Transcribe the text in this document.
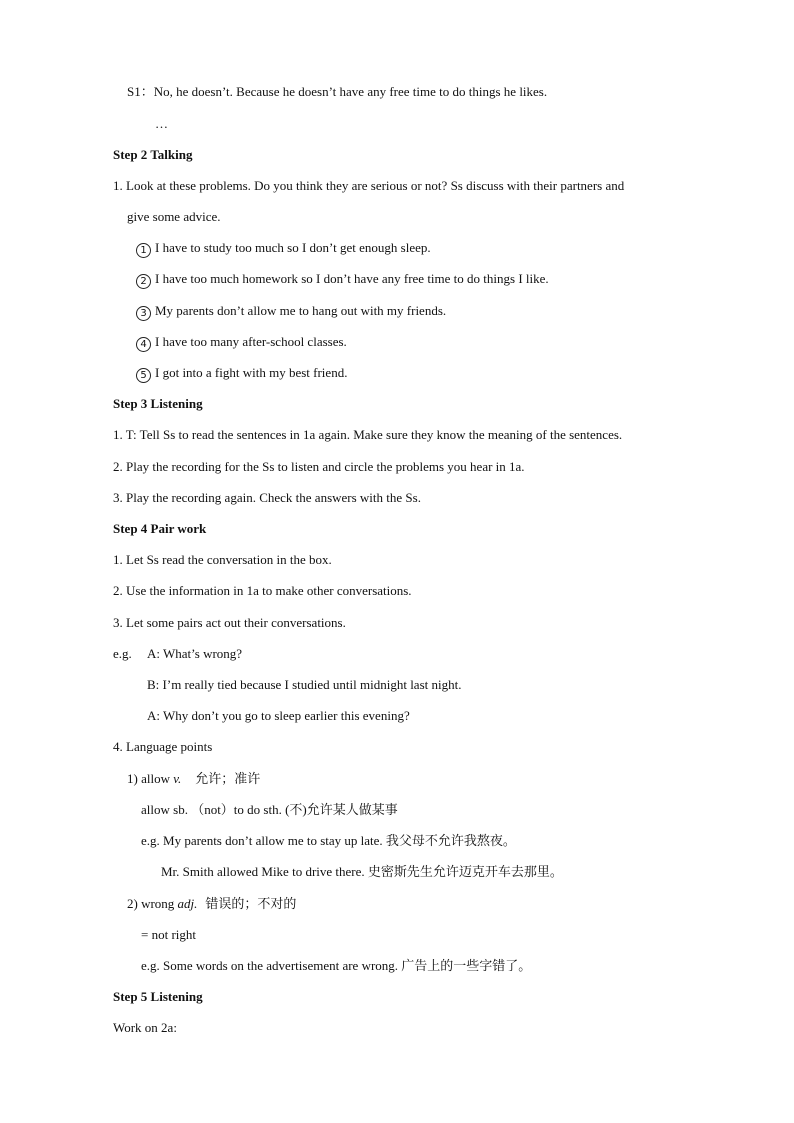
S1：No, he doesn’t. Because he doesn’t have any free time to do things he likes.
…
Step 2 Talking
1. Look at these problems. Do you think they are serious or not? Ss discuss with their partners and
give some advice.
1 I have to study too much so I don’t get enough sleep.
2 I have too much homework so I don’t have any free time to do things I like.
3 My parents don’t allow me to hang out with my friends.
4 I have too many after-school classes.
5 I got into a fight with my best friend.
Step 3 Listening
1. T: Tell Ss to read the sentences in 1a again. Make sure they know the meaning of the sentences.
2. Play the recording for the Ss to listen and circle the problems you hear in 1a.
3. Play the recording again. Check the answers with the Ss.
Step 4 Pair work
1. Let Ss read the conversation in the box.
2. Use the information in 1a to make other conversations.
3. Let some pairs act out their conversations.
e.g. A: What’s wrong?
B: I’m really tied because I studied until midnight last night.
A: Why don’t you go to sleep earlier this evening?
4. Language points
1) allow v. 允许；准许
allow sb. （not）to do sth. (不)允许某人做某事
e.g. My parents don’t allow me to stay up late. 我父母不允许我熬夜。
Mr. Smith allowed Mike to drive there. 史密斯先生允许迈克开车去那里。
2) wrong adj. 错误的；不对的
= not right
e.g. Some words on the advertisement are wrong. 广告上的一些字错了。
Step 5 Listening
Work on 2a:
